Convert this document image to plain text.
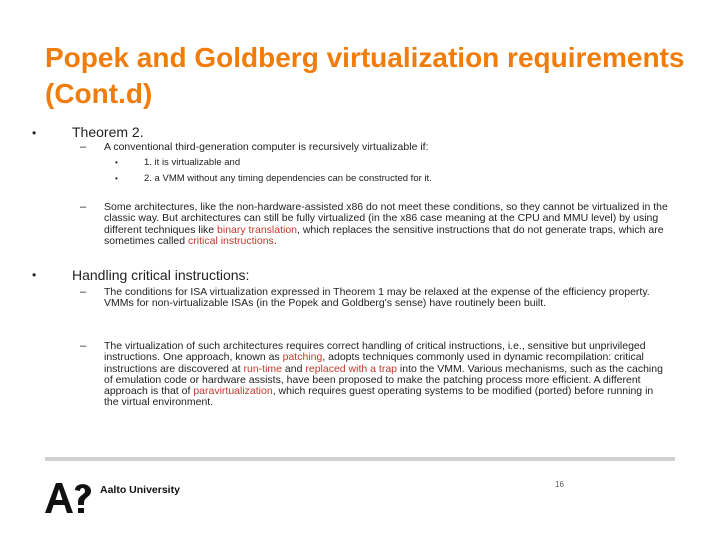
Popek and Goldberg virtualization requirements (Cont.d)
•	Theorem 2.
– A conventional third-generation computer is recursively virtualizable if:
•	1. it is virtualizable and
•	2. a VMM without any timing dependencies can be constructed for it.
– Some architectures, like the non-hardware-assisted x86 do not meet these conditions, so they cannot be virtualized in the classic way. But architectures can still be fully virtualized (in the x86 case meaning at the CPU and MMU level) by using different techniques like binary translation, which replaces the sensitive instructions that do not generate traps, which are sometimes called critical instructions.
•	Handling critical instructions:
– The conditions for ISA virtualization expressed in Theorem 1 may be relaxed at the expense of the efficiency property. VMMs for non-virtualizable ISAs (in the Popek and Goldberg's sense) have routinely been built.
– The virtualization of such architectures requires correct handling of critical instructions, i.e., sensitive but unprivileged instructions. One approach, known as patching, adopts techniques commonly used in dynamic recompilation: critical instructions are discovered at run-time and replaced with a trap into the VMM. Various mechanisms, such as the caching of emulation code or hardware assists, have been proposed to make the patching process more efficient. A different approach is that of paravirtualization, which requires guest operating systems to be modified (ported) before running in the virtual environment.
16
Aalto University
